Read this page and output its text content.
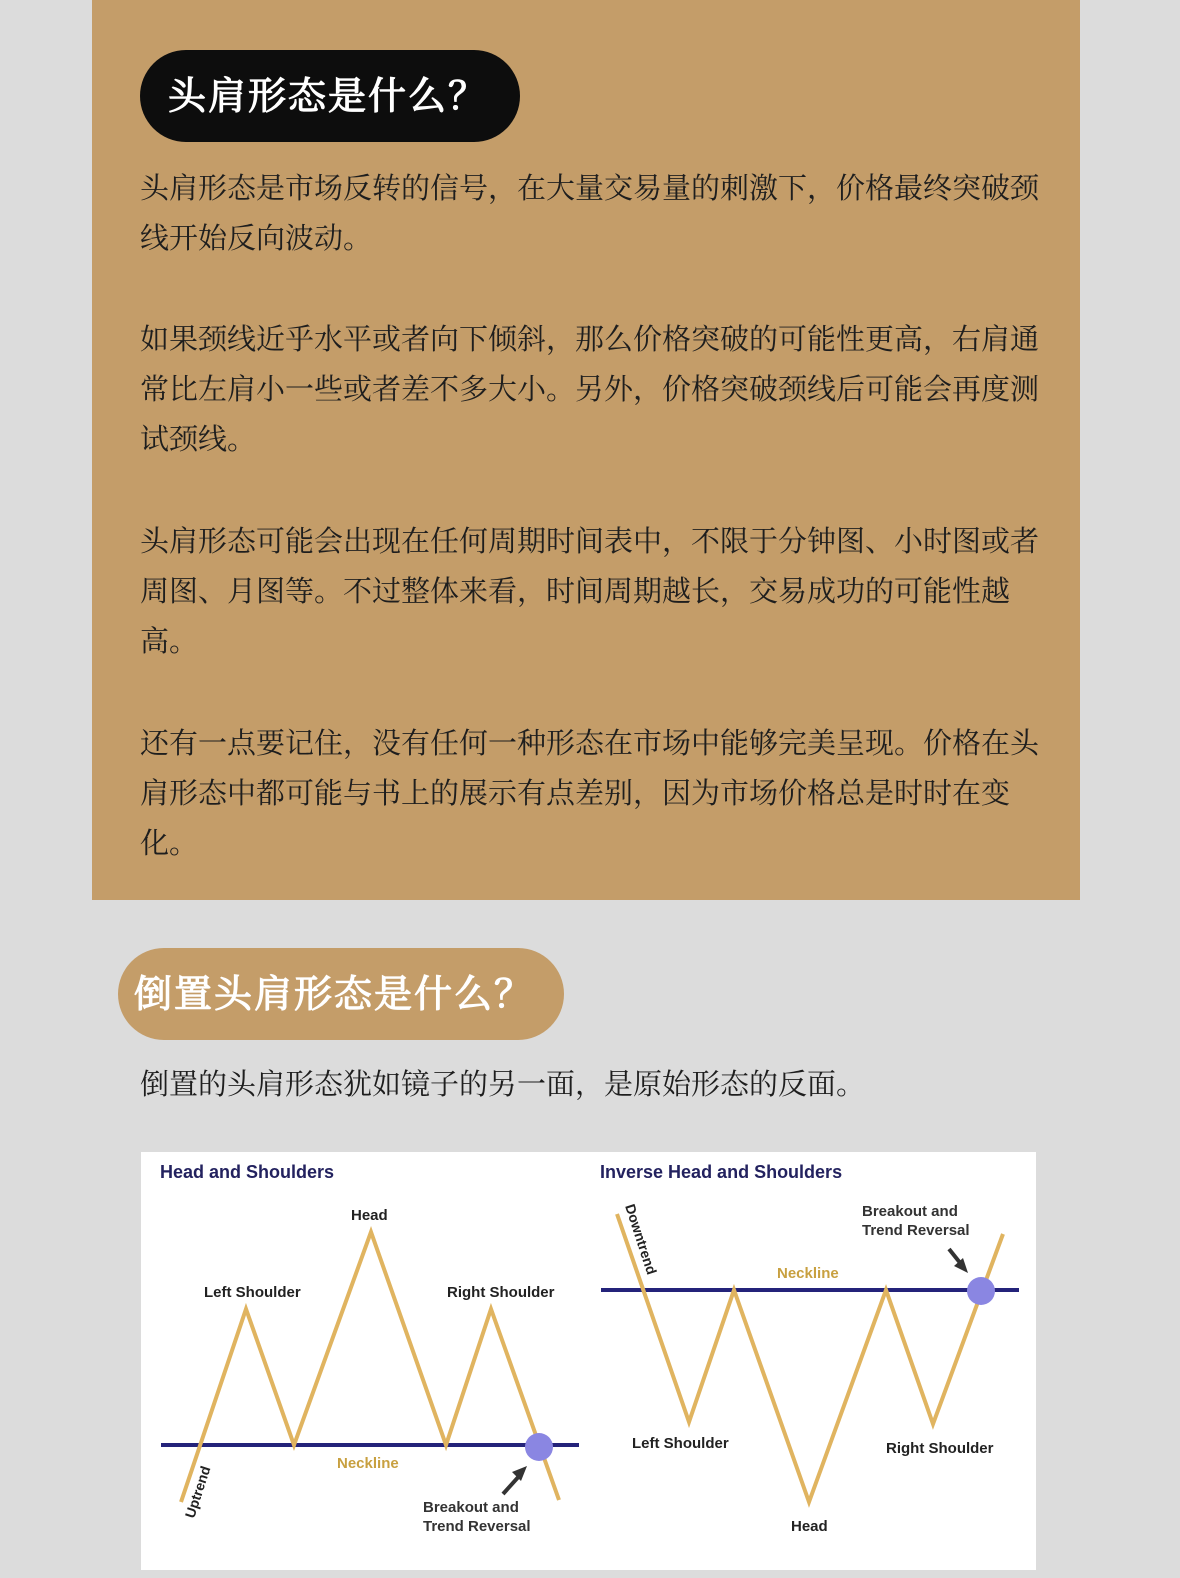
头肩形态是什么？

头肩形态是市场反转的信号，在大量交易量的刺激下，价格最终突破颈线开始反向波动。

如果颈线近乎水平或者向下倾斜，那么价格突破的可能性更高，右肩通常比左肩小一些或者差不多大小。另外，价格突破颈线后可能会再度测试颈线。

头肩形态可能会出现在任何周期时间表中，不限于分钟图、小时图或者周图、月图等。不过整体来看，时间周期越长，交易成功的可能性越高。

还有一点要记住，没有任何一种形态在市场中能够完美呈现。价格在头肩形态中都可能与书上的展示有点差别，因为市场价格总是时时在变化。

倒置头肩形态是什么？

倒置的头肩形态犹如镜子的另一面，是原始形态的反面。

Head and Shoulders
Head
Left Shoulder	Right Shoulder
Neckline
Uptrend	Breakout and
Trend Reversal
Inverse Head and Shoulders
Downtrend	Neckline
Left Shoulder	Right Shoulder
Head
Breakout and
Trend Reversal
